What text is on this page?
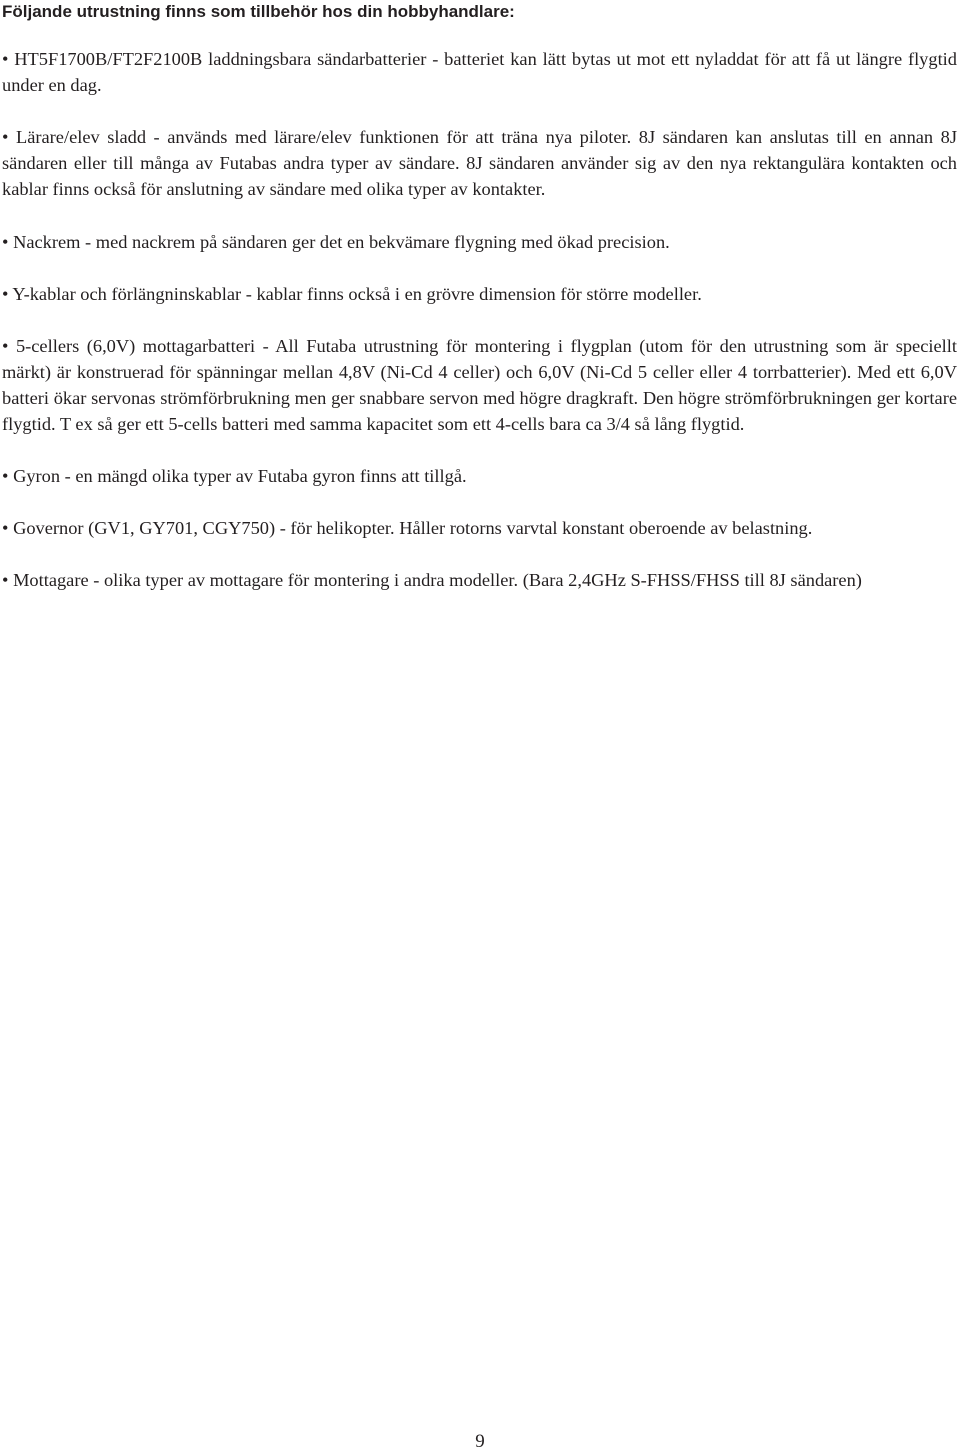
Följande utrustning finns som tillbehör hos din hobbyhandlare:

• HT5F1700B/FT2F2100B laddningsbara sändarbatterier - batteriet kan lätt bytas ut mot ett nyladdat för att få ut längre flygtid under en dag.

• Lärare/elev sladd - används med lärare/elev funktionen för att träna nya piloter. 8J sändaren kan anslutas till en annan 8J sändaren eller till många av Futabas andra typer av sändare. 8J sändaren använder sig av den nya rektangulära kontakten och kablar finns också för anslutning av sändare med olika typer av kontakter.

• Nackrem - med nackrem på sändaren ger det en bekvämare flygning med ökad precision.

• Y-kablar och förlängninskablar - kablar finns också i en grövre dimension för större modeller.

• 5-cellers (6,0V) mottagarbatteri - All Futaba utrustning för montering i flygplan (utom för den utrustning som är speciellt märkt) är konstruerad för spänningar mellan 4,8V (Ni-Cd 4 celler) och 6,0V (Ni-Cd 5 celler eller 4 torrbatterier). Med ett 6,0V batteri ökar servonas strömförbrukning men ger snabbare servon med högre dragkraft. Den högre strömförbrukningen ger kortare flygtid. T ex så ger ett 5-cells batteri med samma kapacitet som ett 4-cells bara ca 3/4 så lång flygtid.

• Gyron - en mängd olika typer av Futaba gyron finns att tillgå.

• Governor (GV1, GY701, CGY750) - för helikopter. Håller rotorns varvtal konstant oberoende av belastning.

• Mottagare - olika typer av mottagare för montering i andra modeller. (Bara 2,4GHz S-FHSS/FHSS till 8J sändaren)

9
